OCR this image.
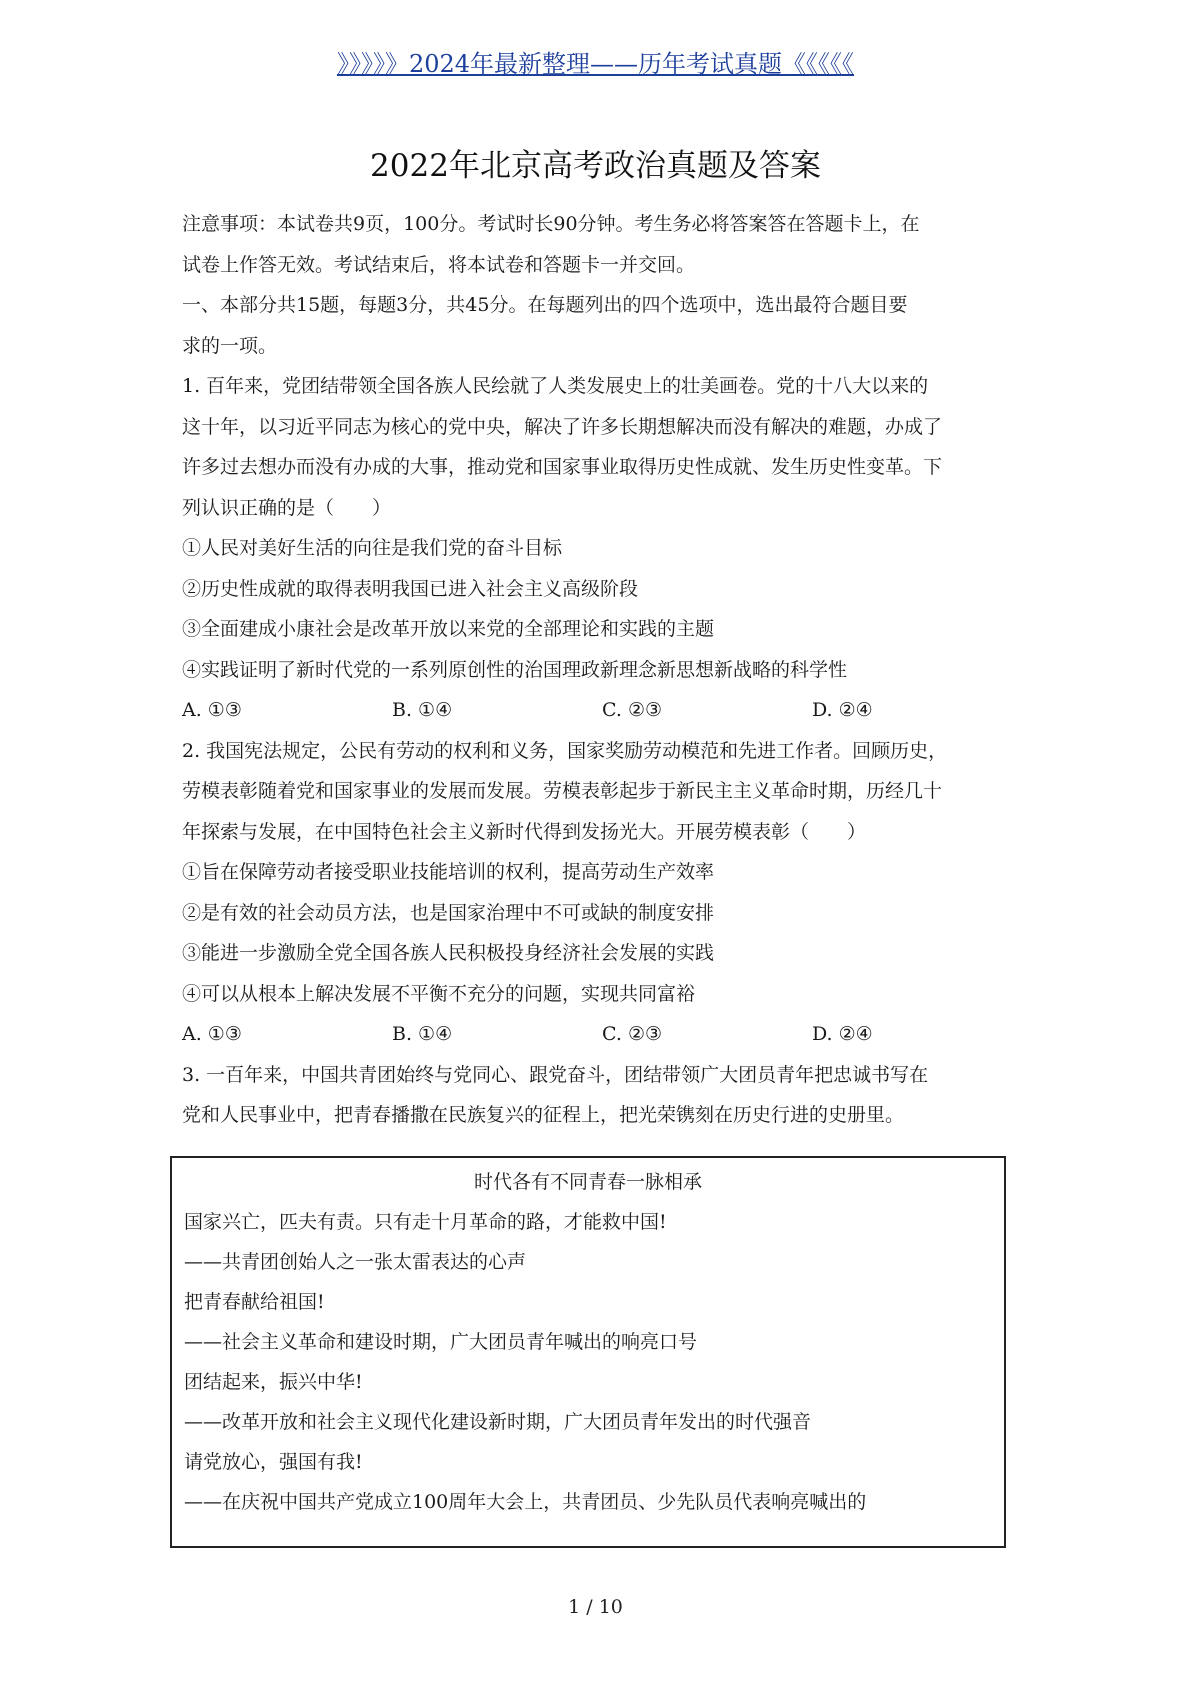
》》》》》2024年最新整理——历年考试真题《《《《《
2022年北京高考政治真题及答案

注意事项：本试卷共9页，100分。考试时长90分钟。考生务必将答案答在答题卡上，在

试卷上作答无效。考试结束后，将本试卷和答题卡一并交回。

一、本部分共15题，每题3分，共45分。在每题列出的四个选项中，选出最符合题目要

求的一项。

1. 百年来，党团结带领全国各族人民绘就了人类发展史上的壮美画卷。党的十八大以来的

这十年，以习近平同志为核心的党中央，解决了许多长期想解决而没有解决的难题，办成了

许多过去想办而没有办成的大事，推动党和国家事业取得历史性成就、发生历史性变革。下

列认识正确的是（　　）

①人民对美好生活的向往是我们党的奋斗目标

②历史性成就的取得表明我国已进入社会主义高级阶段

③全面建成小康社会是改革开放以来党的全部理论和实践的主题

④实践证明了新时代党的一系列原创性的治国理政新理念新思想新战略的科学性

A. ①③	B. ①④	C. ②③	D. ②④

2. 我国宪法规定，公民有劳动的权利和义务，国家奖励劳动模范和先进工作者。回顾历史，

劳模表彰随着党和国家事业的发展而发展。劳模表彰起步于新民主主义革命时期，历经几十

年探索与发展，在中国特色社会主义新时代得到发扬光大。开展劳模表彰（　　）

①旨在保障劳动者接受职业技能培训的权利，提高劳动生产效率

②是有效的社会动员方法，也是国家治理中不可或缺的制度安排

③能进一步激励全党全国各族人民积极投身经济社会发展的实践

④可以从根本上解决发展不平衡不充分的问题，实现共同富裕

A. ①③	B. ①④	C. ②③	D. ②④

3. 一百年来，中国共青团始终与党同心、跟党奋斗，团结带领广大团员青年把忠诚书写在

党和人民事业中，把青春播撒在民族复兴的征程上，把光荣镌刻在历史行进的史册里。

时代各有不同青春一脉相承

国家兴亡，匹夫有责。只有走十月革命的路，才能救中国!

——共青团创始人之一张太雷表达的心声

把青春献给祖国!

——社会主义革命和建设时期，广大团员青年喊出的响亮口号

团结起来，振兴中华!

——改革开放和社会主义现代化建设新时期，广大团员青年发出的时代强音

请党放心，强国有我!

——在庆祝中国共产党成立100周年大会上，共青团员、少先队员代表响亮喊出的

1 / 10
